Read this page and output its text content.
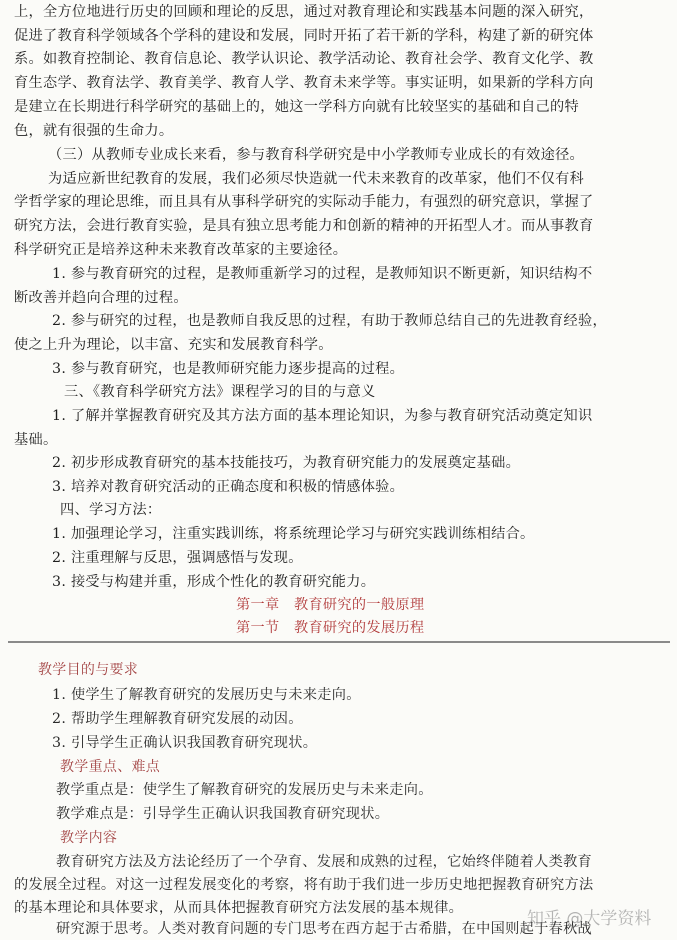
上，全方位地进行历史的回顾和理论的反思，通过对教育理论和实践基本问题的深入研究，
促进了教育科学领域各个学科的建设和发展，同时开拓了若干新的学科，构建了新的研究体
系。如教育控制论、教育信息论、教学认识论、教学活动论、教育社会学、教育文化学、教
育生态学、教育法学、教育美学、教育人学、教育未来学等。事实证明，如果新的学科方向
是建立在长期进行科学研究的基础上的，她这一学科方向就有比较坚实的基础和自己的特
色，就有很强的生命力。
（三）从教师专业成长来看，参与教育科学研究是中小学教师专业成长的有效途径。
为适应新世纪教育的发展，我们必须尽快造就一代未来教育的改革家，他们不仅有科
学哲学家的理论思维，而且具有从事科学研究的实际动手能力，有强烈的研究意识，掌握了
研究方法，会进行教育实验，是具有独立思考能力和创新的精神的开拓型人才。而从事教育
科学研究正是培养这种未来教育改革家的主要途径。
1. 参与教育研究的过程，是教师重新学习的过程，是教师知识不断更新，知识结构不
断改善并趋向合理的过程。
2. 参与研究的过程，也是教师自我反思的过程，有助于教师总结自己的先进教育经验，
使之上升为理论，以丰富、充实和发展教育科学。
3. 参与教育研究，也是教师研究能力逐步提高的过程。
三、《教育科学研究方法》课程学习的目的与意义
1. 了解并掌握教育研究及其方法方面的基本理论知识，为参与教育研究活动奠定知识
基础。
2. 初步形成教育研究的基本技能技巧，为教育研究能力的发展奠定基础。
3. 培养对教育研究活动的正确态度和积极的情感体验。
四、学习方法：
1. 加强理论学习，注重实践训练，将系统理论学习与研究实践训练相结合。
2. 注重理解与反思，强调感悟与发现。
3. 接受与构建并重，形成个性化的教育研究能力。
第一章　教育研究的一般原理
第一节　教育研究的发展历程
教学目的与要求
1. 使学生了解教育研究的发展历史与未来走向。
2. 帮助学生理解教育研究发展的动因。
3. 引导学生正确认识我国教育研究现状。
教学重点、难点
教学重点是：使学生了解教育研究的发展历史与未来走向。
教学难点是：引导学生正确认识我国教育研究现状。
教学内容
教育研究方法及方法论经历了一个孕育、发展和成熟的过程，它始终伴随着人类教育
的发展全过程。对这一过程发展变化的考察，将有助于我们进一步历史地把握教育研究方法
的基本理论和具体要求，从而具体把握教育研究方法发展的基本规律。
研究源于思考。人类对教育问题的专门思考在西方起于古希腊，在中国则起于春秋战
知乎 @大学资料
